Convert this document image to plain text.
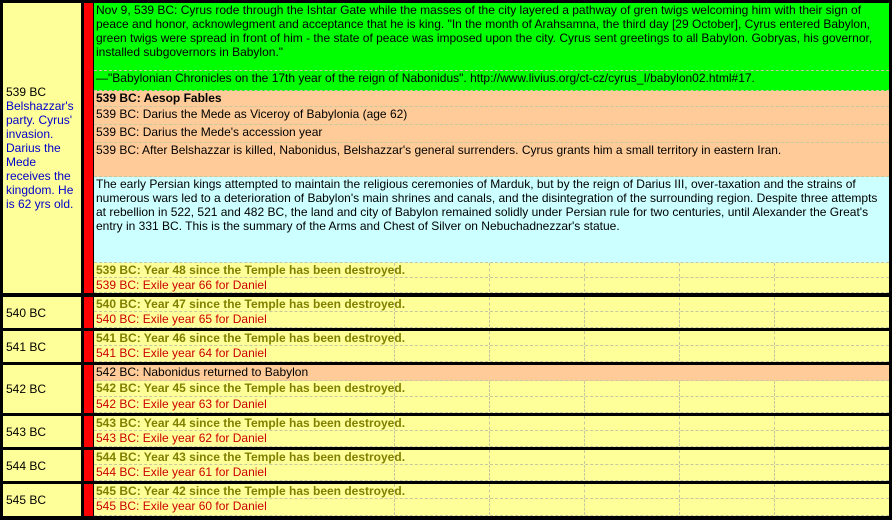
539 BC
Belshazzar's party. Cyrus' invasion. Darius the Mede receives the kingdom. He is 62 yrs old.
Nov 9, 539 BC: Cyrus rode through the Ishtar Gate while the masses of the city layered a pathway of gren twigs welcoming him with their sign of peace and honor, acknowlegment and acceptance that he is king. "In the month of Arahsamna, the third day [29 October], Cyrus entered Babylon, green twigs were spread in front of him - the state of peace was imposed upon the city. Cyrus sent greetings to all Babylon. Gobryas, his governor, installed subgovernors in Babylon."
—"Babylonian Chronicles on the 17th year of the reign of Nabonidus". http://www.livius.org/ct-cz/cyrus_I/babylon02.html#17.
539 BC: Aesop Fables
539 BC: Darius the Mede as Viceroy of Babylonia (age 62)
539 BC: Darius the Mede's accession year
539 BC: After Belshazzar is killed, Nabonidus, Belshazzar's general surrenders. Cyrus grants him a small territory in eastern Iran.
The early Persian kings attempted to maintain the religious ceremonies of Marduk, but by the reign of Darius III, over-taxation and the strains of numerous wars led to a deterioration of Babylon's main shrines and canals, and the disintegration of the surrounding region. Despite three attempts at rebellion in 522, 521 and 482 BC, the land and city of Babylon remained solidly under Persian rule for two centuries, until Alexander the Great's entry in 331 BC. This is the summary of the Arms and Chest of Silver on Nebuchadnezzar's statue.
539 BC: Year 48 since the Temple has been destroyed.
539 BC: Exile year 66 for Daniel
540 BC
540 BC: Year 47 since the Temple has been destroyed.
540 BC: Exile year 65 for Daniel
541 BC
541 BC: Year 46 since the Temple has been destroyed.
541 BC: Exile year 64 for Daniel
542 BC
542 BC: Nabonidus returned to Babylon
542 BC: Year 45 since the Temple has been destroyed.
542 BC: Exile year 63 for Daniel
543 BC
543 BC: Year 44 since the Temple has been destroyed.
543 BC: Exile year 62 for Daniel
544 BC
544 BC: Year 43 since the Temple has been destroyed.
544 BC: Exile year 61 for Daniel
545 BC
545 BC: Year 42 since the Temple has been destroyed.
545 BC: Exile year 60 for Daniel
